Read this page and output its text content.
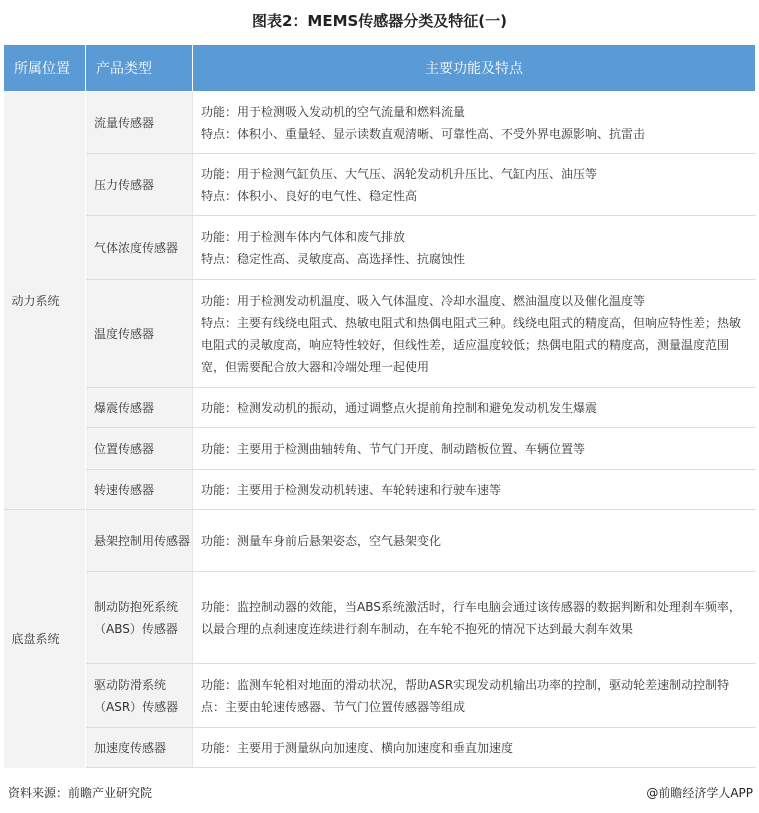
图表2：MEMS传感器分类及特征(一)
所属位置	产品类型	主要功能及特点
动力系统	流量传感器	功能：用于检测吸入发动机的空气流量和燃料流量
特点：体积小、重量轻、显示读数直观清晰、可靠性高、不受外界电源影响、抗雷击

	压力传感器	功能：用于检测气缸负压、大气压、涡轮发动机升压比、气缸内压、油压等
特点：体积小、良好的电气性、稳定性高

	气体浓度传感器	功能：用于检测车体内气体和废气排放
特点：稳定性高、灵敏度高、高选择性、抗腐蚀性

	温度传感器	功能：用于检测发动机温度、吸入气体温度、冷却水温度、燃油温度以及催化温度等
特点：主要有线绕电阻式、热敏电阻式和热偶电阻式三种。线绕电阻式的精度高，但响应特性差；热敏电阻式的灵敏度高，响应特性较好，但线性差，适应温度较低；热偶电阻式的精度高，测量温度范围宽，但需要配合放大器和冷端处理一起使用

	爆震传感器	功能：检测发动机的振动，通过调整点火提前角控制和避免发动机发生爆震

	位置传感器	功能：主要用于检测曲轴转角、节气门开度、制动踏板位置、车辆位置等

	转速传感器	功能：主要用于检测发动机转速、车轮转速和行驶车速等

底盘系统	悬架控制用传感器	功能：测量车身前后悬架姿态，空气悬架变化

	制动防抱死系统（ABS）传感器	功能：监控制动器的效能，当ABS系统激活时，行车电脑会通过该传感器的数据判断和处理刹车频率，以最合理的点刹速度连续进行刹车制动，在车轮不抱死的情况下达到最大刹车效果

	驱动防滑系统（ASR）传感器	功能：监测车轮相对地面的滑动状况，帮助ASR实现发动机输出功率的控制，驱动轮差速制动控制特点：主要由轮速传感器、节气门位置传感器等组成

	加速度传感器	功能：主要用于测量纵向加速度、横向加速度和垂直加速度
资料来源：前瞻产业研究院	@前瞻经济学人APP
